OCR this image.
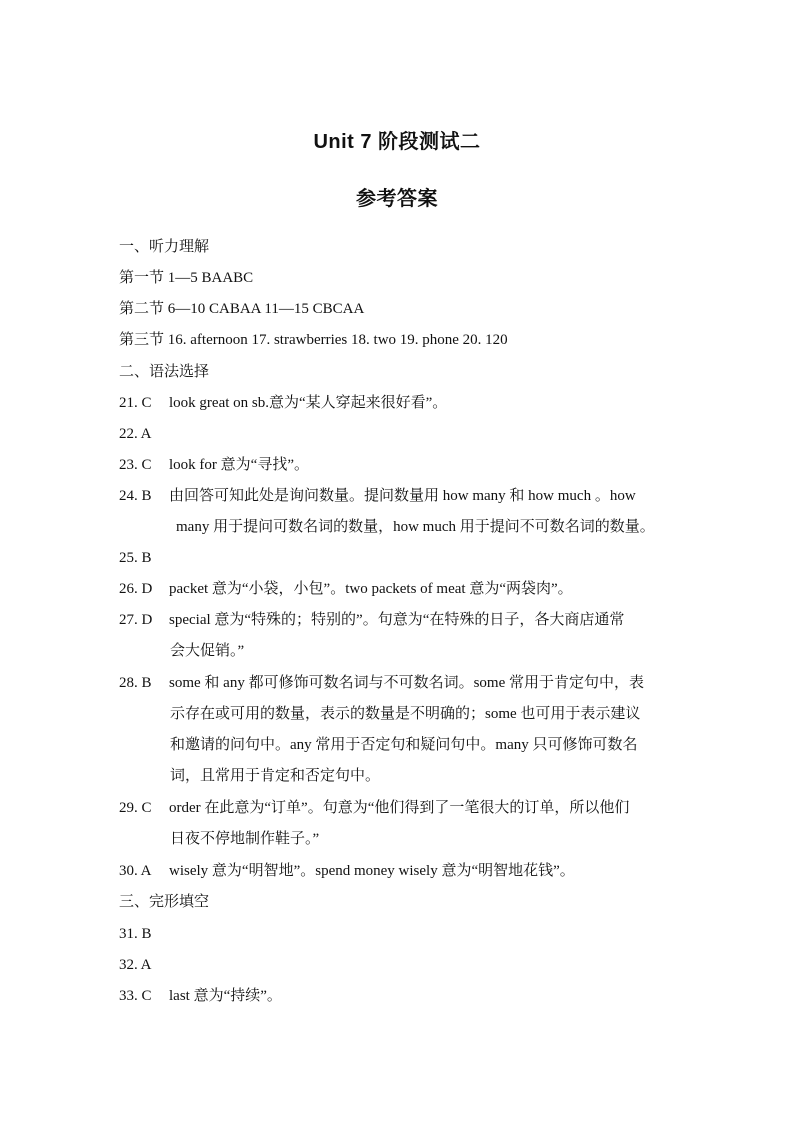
Unit 7 阶段测试二
参考答案
一、听力理解
第一节 1—5 BAABC
第二节 6—10 CABAA 11—15 CBCAA
第三节 16. afternoon 17. strawberries 18. two 19. phone 20. 120
二、语法选择
21. C look great on sb.意为“某人穿起来很好看”。
22. A
23. C look for 意为“寻找”。
24. B 由回答可知此处是询问数量。提问数量用 how many 和 how much 。how
many 用于提问可数名词的数量，how much 用于提问不可数名词的数量。
25. B
26. D packet 意为“小袋，小包”。two packets of meat 意为“两袋肉”。
27. D special 意为“特殊的；特别的”。句意为“在特殊的日子，各大商店通常
会大促销。”
28. B some 和 any 都可修饰可数名词与不可数名词。some 常用于肯定句中，表
示存在或可用的数量，表示的数量是不明确的；some 也可用于表示建议
和邀请的问句中。any 常用于否定句和疑问句中。many 只可修饰可数名
词，且常用于肯定和否定句中。
29. C order 在此意为“订单”。句意为“他们得到了一笔很大的订单，所以他们
日夜不停地制作鞋子。”
30. A wisely 意为“明智地”。spend money wisely 意为“明智地花钱”。
三、完形填空
31. B
32. A
33. C last 意为“持续”。
